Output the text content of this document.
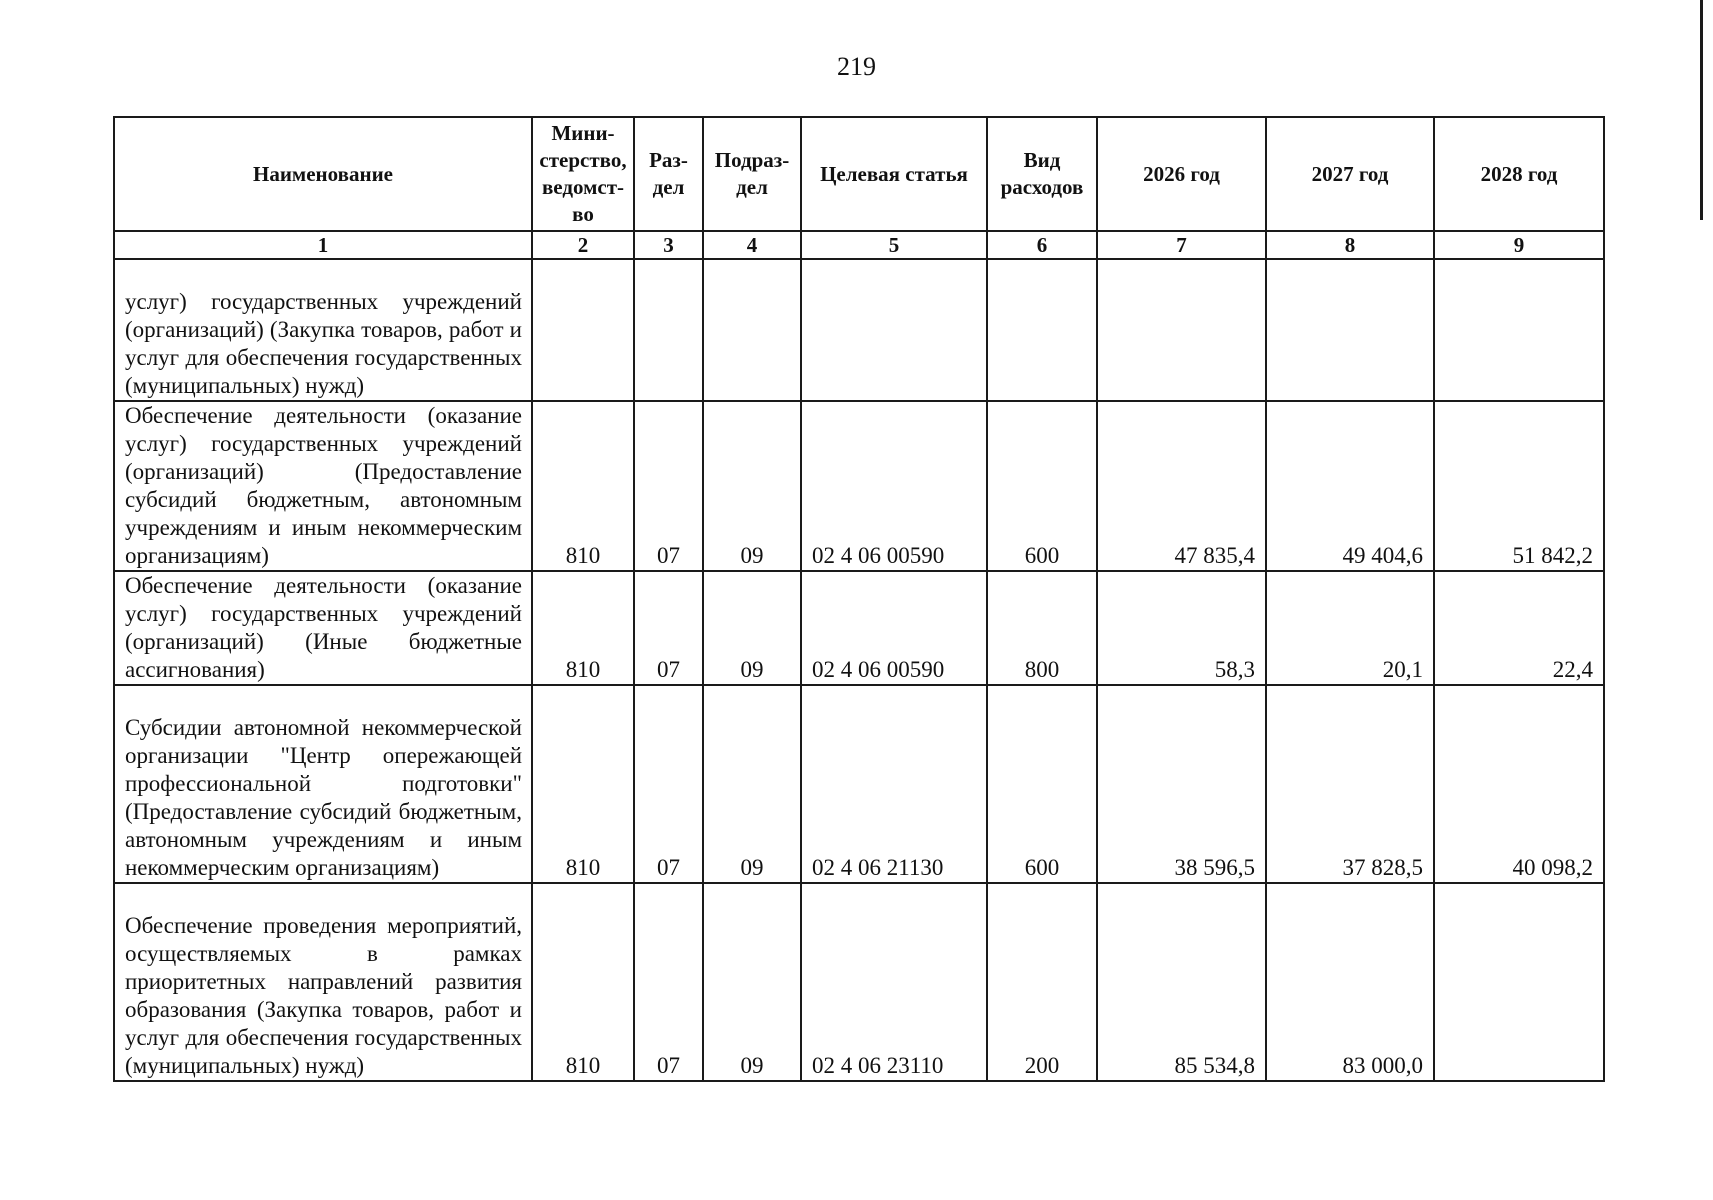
219
Наименование	Мини-стерство, ведомст-во	Раз-дел	Подраз-дел	Целевая статья	Вид расходов	2026 год	2027 год	2028 год
1	2	3	4	5	6	7	8	9
услуг) государственных учреждений (организаций) (Закупка товаров, работ и услуг для обеспечения государственных (муниципальных) нужд)								
Обеспечение деятельности (оказание услуг) государственных учреждений (организаций) (Предоставление субсидий бюджетным, автономным учреждениям и иным некоммерческим организациям)	810	07	09	02 4 06 00590	600	47 835,4	49 404,6	51 842,2
Обеспечение деятельности (оказание услуг) государственных учреждений (организаций) (Иные бюджетные ассигнования)	810	07	09	02 4 06 00590	800	58,3	20,1	22,4
Субсидии автономной некоммерческой организации "Центр опережающей профессиональной подготовки" (Предоставление субсидий бюджетным, автономным учреждениям и иным некоммерческим организациям)	810	07	09	02 4 06 21130	600	38 596,5	37 828,5	40 098,2
Обеспечение проведения мероприятий, осуществляемых в рамках приоритетных направлений развития образования (Закупка товаров, работ и услуг для обеспечения государственных (муниципальных) нужд)	810	07	09	02 4 06 23110	200	85 534,8	83 000,0	
